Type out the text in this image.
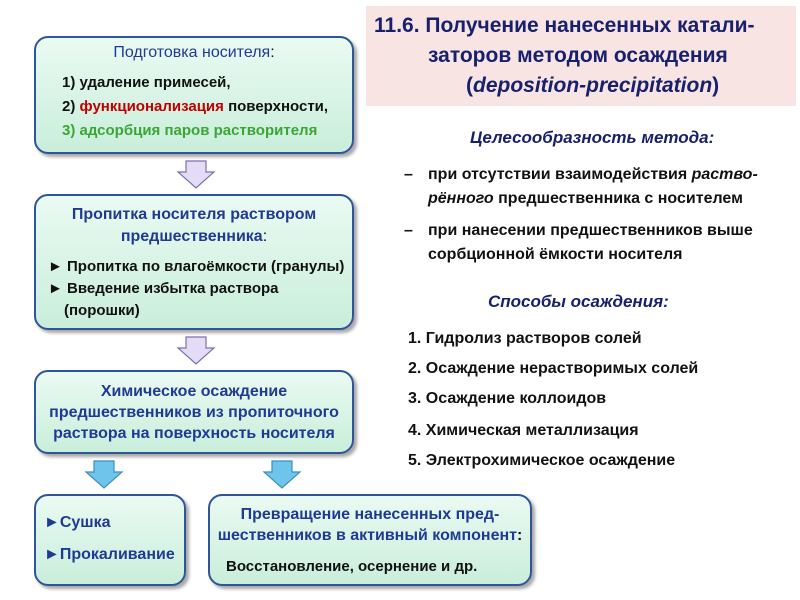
11.6. Получение нанесенных катали-
заторов методом осаждения
(deposition-precipitation)
Подготовка носителя:
1) удаление примесей,
2) функционализация поверхности,
3) адсорбция паров растворителя
Пропитка носителя раствором
предшественника:
► Пропитка по влагоёмкости (гранулы)
► Введение избытка раствора
(порошки)
Химическое осаждение
предшественников из пропиточного
раствора на поверхность носителя
►Сушка
►Прокаливание
Превращение нанесенных пред-
шественников в активный компонент:
Восстановление, осернение и др.
Целесообразность метода:
– при отсутствии взаимодействия раство-
рённого предшественника с носителем
– при нанесении предшественников выше
сорбционной ёмкости носителя
Способы осаждения:
1. Гидролиз растворов солей
2. Осаждение нерастворимых солей
3. Осаждение коллоидов
4. Химическая металлизация
5. Электрохимическое осаждение
